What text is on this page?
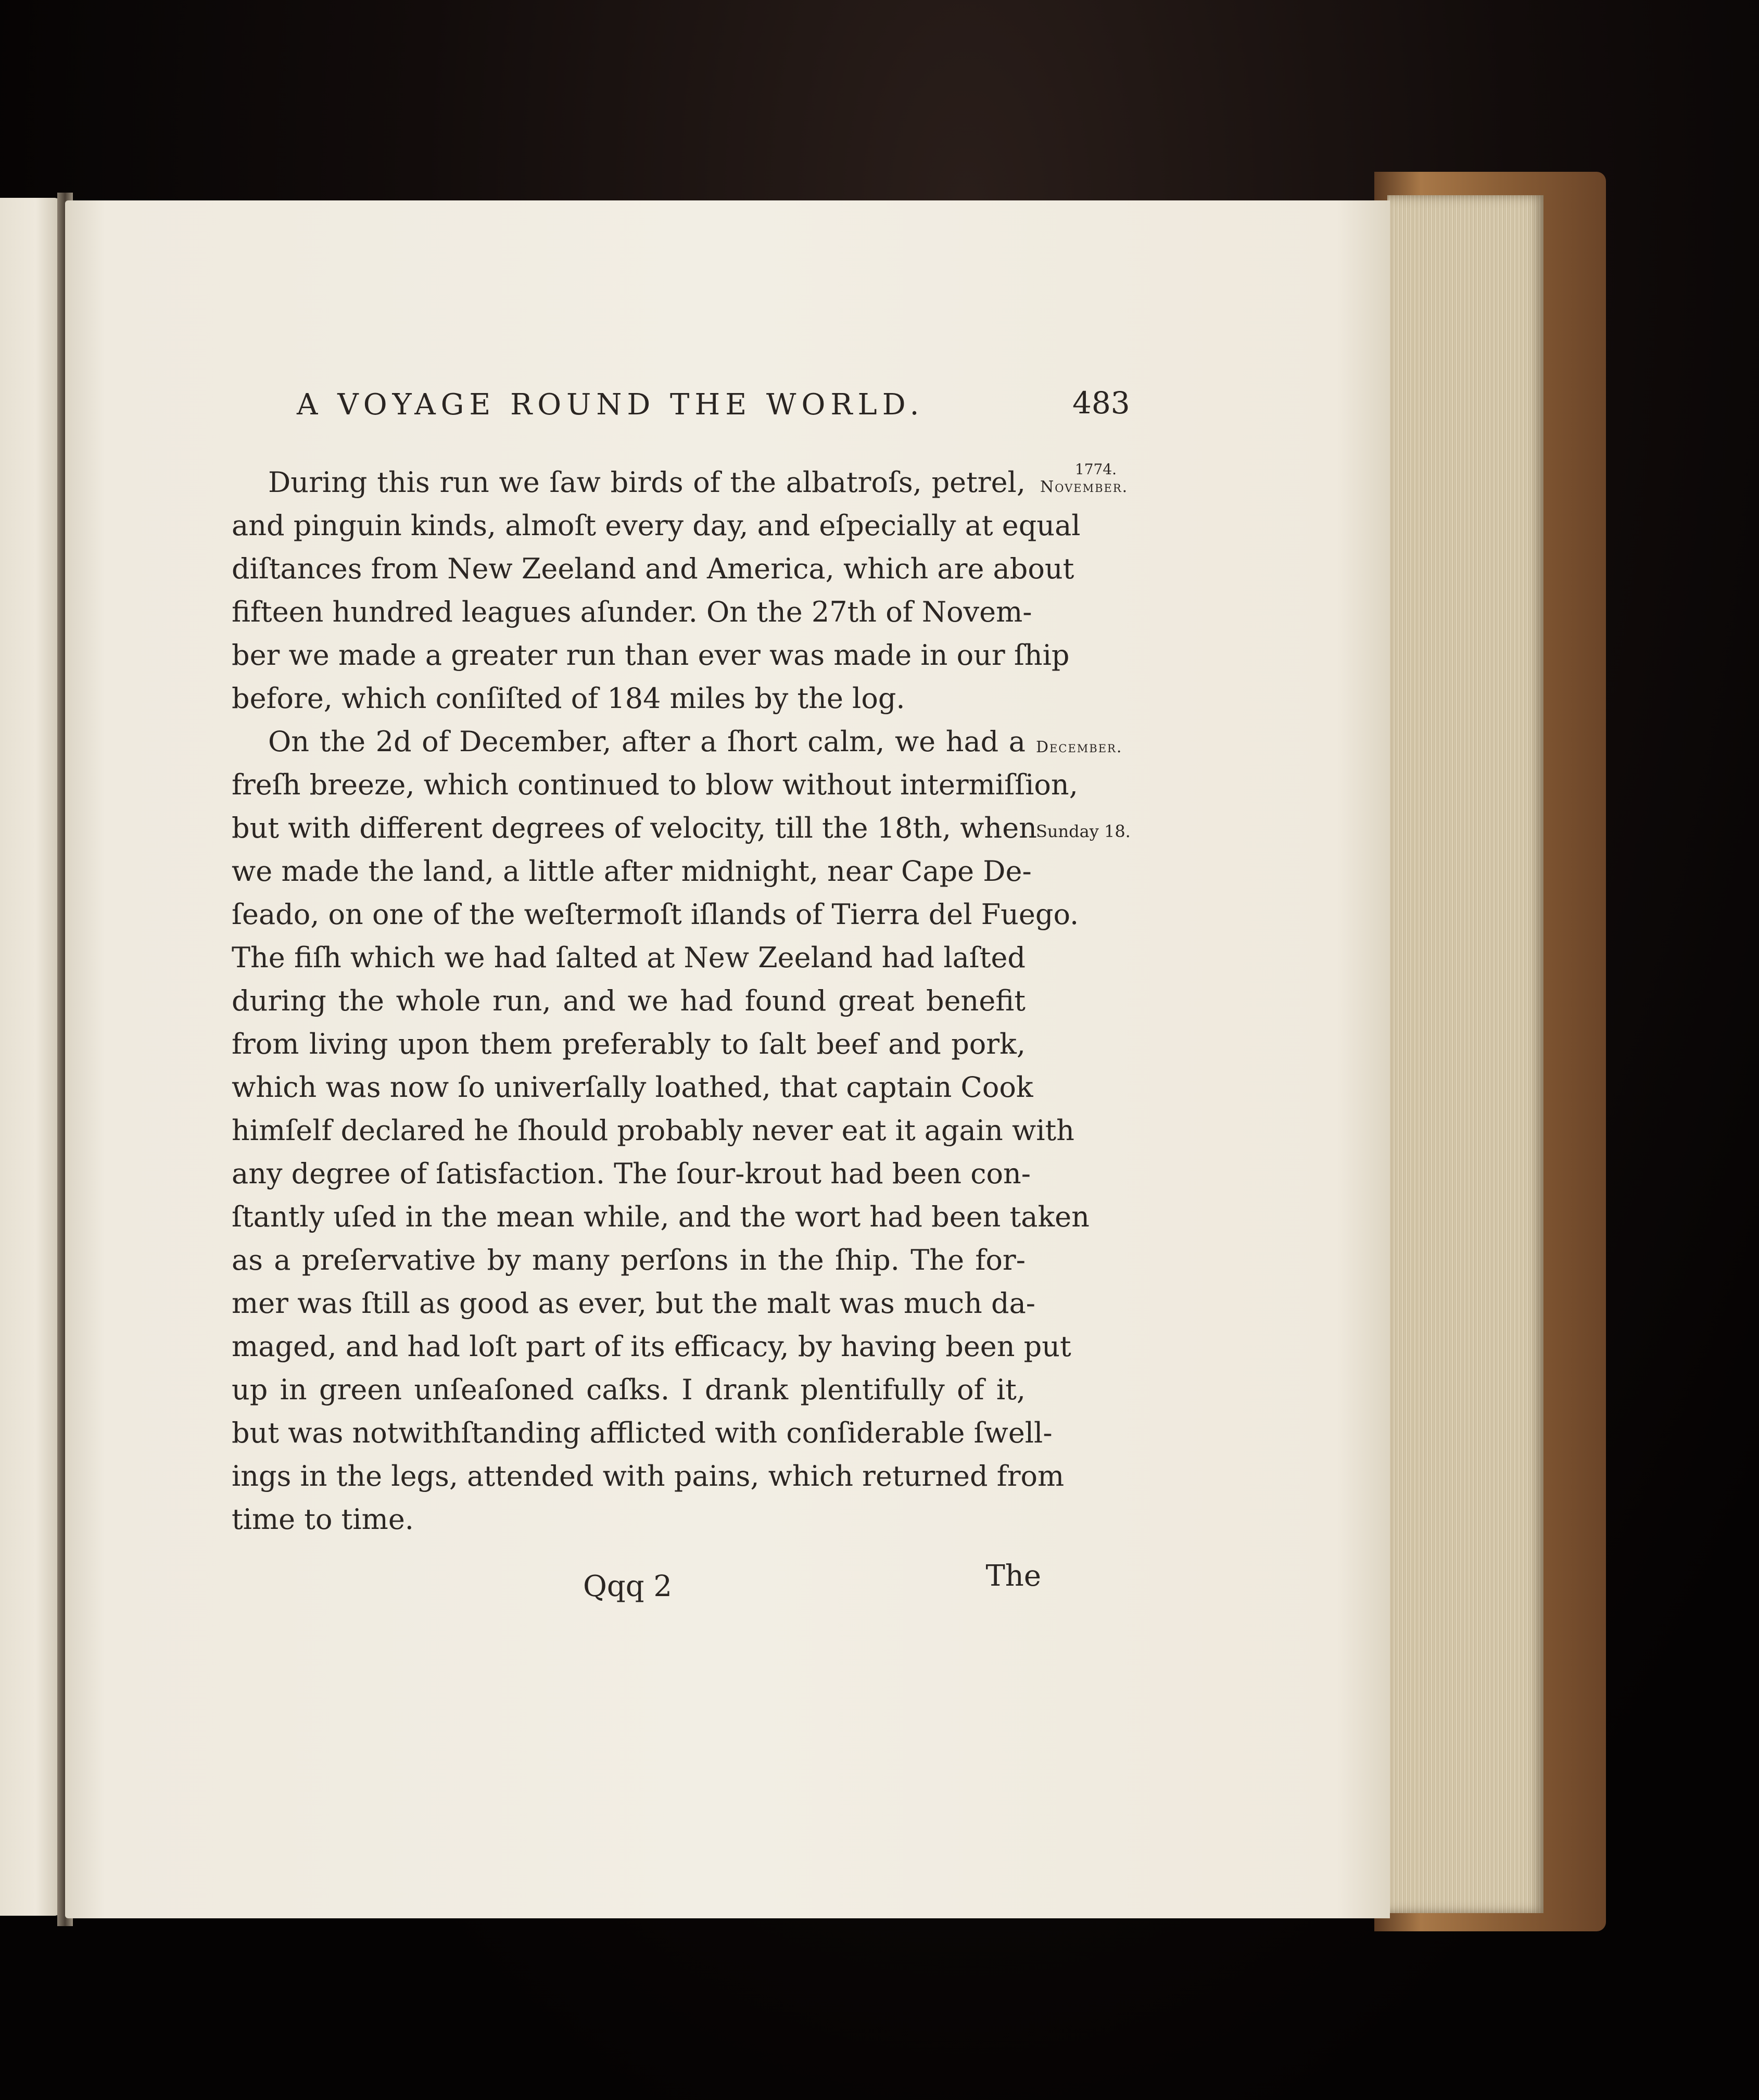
A VOYAGE ROUND THE WORLD.	483
1774.
November.
December.
Sunday 18.
During this run we ſaw birds of the albatroſs, petrel,
and pinguin kinds, almoſt every day, and eſpecially at equal
diſtances from New Zeeland and America, which are about
fifteen hundred leagues aſunder. On the 27th of Novem-
ber we made a greater run than ever was made in our ſhip
before, which conſiſted of 184 miles by the log.
On the 2d of December, after a ſhort calm, we had a
freſh breeze, which continued to blow without intermiſſion,
but with different degrees of velocity, till the 18th, when
we made the land, a little after midnight, near Cape De-
ſeado, on one of the weſtermoſt iſlands of Tierra del Fuego.
The fiſh which we had ſalted at New Zeeland had laſted
during the whole run, and we had found great benefit
from living upon them preferably to ſalt beef and pork,
which was now ſo univerſally loathed, that captain Cook
himſelf declared he ſhould probably never eat it again with
any degree of ſatisfaction. The ſour-krout had been con-
ſtantly uſed in the mean while, and the wort had been taken
as a preſervative by many perſons in the ſhip. The for-
mer was ſtill as good as ever, but the malt was much da-
maged, and had loſt part of its efficacy, by having been put
up in green unſeaſoned caſks. I drank plentifully of it,
but was notwithſtanding afflicted with conſiderable ſwell-
ings in the legs, attended with pains, which returned from
time to time.
Qqq 2	The
